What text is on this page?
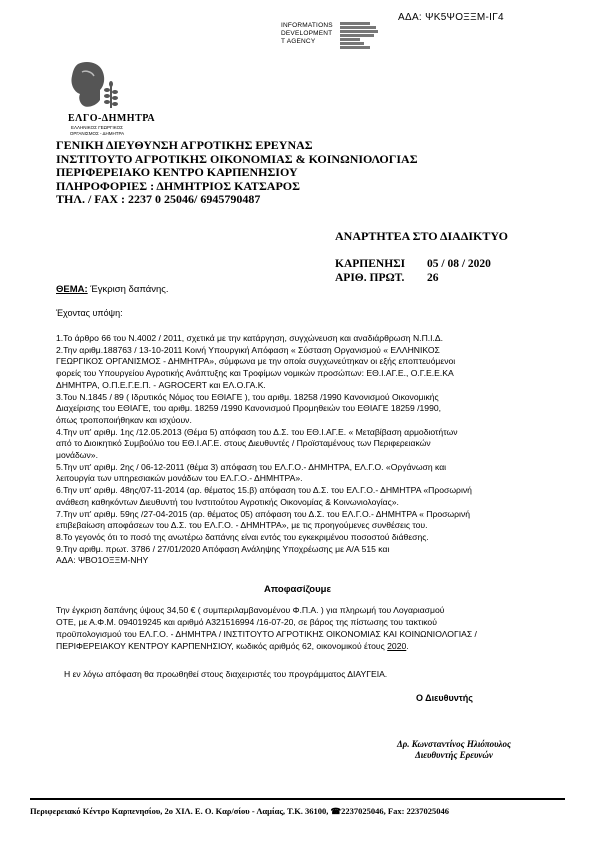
ΑΔΑ: ΨΚ5ΨΟΞΞΜ-ΙΓ4
INFORMATIONS
DEVELOPMENT
T AGENCY
ΕΛΓΟ-ΔΗΜΗΤΡΑ
ΕΛΛΗΝΙΚΟΣ ΓΕΩΡΓΙΚΟΣ
ΟΡΓΑΝΙΣΜΟΣ - ΔΗΜΗΤΡΑ
ΓΕΝΙΚΗ ΔΙΕΥΘΥΝΣΗ ΑΓΡΟΤΙΚΗΣ ΕΡΕΥΝΑΣ
ΙΝΣΤΙΤΟΥΤΟ ΑΓΡΟΤΙΚΗΣ ΟΙΚΟΝΟΜΙΑΣ & ΚΟΙΝΩΝΙΟΛΟΓΙΑΣ
ΠΕΡΙΦΕΡΕΙΑΚΟ ΚΕΝΤΡΟ ΚΑΡΠΕΝΗΣΙΟΥ
ΠΛΗΡΟΦΟΡΙΕΣ : ΔΗΜΗΤΡΙΟΣ ΚΑΤΣΑΡΟΣ
ΤΗΛ. / FAX : 2237 0 25046/ 6945790487
ΑΝΑΡΤΗΤΕΑ ΣΤΟ ΔΙΑΔΙΚΤΥΟ
ΚΑΡΠΕΝΗΣΙ 05 / 08 / 2020
ΑΡΙΘ. ΠΡΩΤ. 26
ΘΕΜΑ: Έγκριση δαπάνης.
Έχοντας υπόψη:
1.Το άρθρο 66 του Ν.4002 / 2011, σχετικά με την κατάργηση, συγχώνευση και αναδιάρθρωση Ν.Π.Ι.Δ.
2.Την αριθμ.188763 / 13-10-2011 Κοινή Υπουργική Απόφαση « Σύσταση Οργανισμού « ΕΛΛΗΝΙΚΟΣ
ΓΕΩΡΓΙΚΟΣ ΟΡΓΑΝΙΣΜΟΣ - ΔΗΜΗΤΡΑ», σύμφωνα με την οποία συγχωνεύτηκαν οι εξής εποπτευόμενοι
φορείς του Υπουργείου Αγροτικής Ανάπτυξης και Τροφίμων νομικών προσώπων: ΕΘ.Ι.ΑΓ.Ε., Ο.Γ.Ε.Ε.ΚΑ
ΔΗΜΗΤΡΑ, Ο.Π.Ε.Γ.Ε.Π. - AGROCERT και ΕΛ.Ο.ΓΑ.Κ.
3.Του Ν.1845 / 89 ( Ιδρυτικός Νόμος του ΕΘΙΑΓΕ ), του αριθμ. 18258 /1990 Κανονισμού Οικονομικής
Διαχείρισης του ΕΘΙΑΓΕ, του αριθμ. 18259 /1990 Κανονισμού Προμηθειών του ΕΘΙΑΓΕ 18259 /1990,
όπως τροποποιήθηκαν και ισχύουν.
4.Την υπ' αριθμ. 1ης /12.05.2013 (Θέμα 5) απόφαση του Δ.Σ. του ΕΘ.Ι.ΑΓ.Ε. « Μεταβίβαση αρμοδιοτήτων
από το Διοικητικό Συμβούλιο του ΕΘ.Ι.ΑΓ.Ε. στους Διευθυντές / Προϊσταμένους των Περιφερειακών
μονάδων».
5.Την υπ' αριθμ. 2ης / 06-12-2011 (θέμα 3) απόφαση του ΕΛ.Γ.Ο.- ΔΗΜΗΤΡΑ, ΕΛ.Γ.Ο. «Οργάνωση και
λειτουργία των υπηρεσιακών μονάδων του ΕΛ.Γ.Ο.- ΔΗΜΗΤΡΑ».
6.Την υπ' αριθμ. 48ης/07-11-2014 (αρ. θέματος 15.β) απόφαση του Δ.Σ. του ΕΛ.Γ.Ο.- ΔΗΜΗΤΡΑ «Προσωρινή
ανάθεση καθηκόντων Διευθυντή του Ινστιτούτου Αγροτικής Οικονομίας & Κοινωνιολογίας».
7.Την υπ' αριθμ. 59ης /27-04-2015 (αρ. θέματος 05) απόφαση του Δ.Σ. του ΕΛ.Γ.Ο.- ΔΗΜΗΤΡΑ « Προσωρινή
επιβεβαίωση αποφάσεων του Δ.Σ. του ΕΛ.Γ.Ο. - ΔΗΜΗΤΡΑ», με τις προηγούμενες συνθέσεις του.
8.Το γεγονός ότι το ποσό της ανωτέρω δαπάνης είναι εντός του εγκεκριμένου ποσοστού διάθεσης.
9.Την αριθμ. πρωτ. 3786 / 27/01/2020 Απόφαση Ανάληψης Υποχρέωσης με Α/Α 515 και
ΑΔΑ: ΨΒΟ1ΟΞΞΜ-ΝΗΥ
Αποφασίζουμε
Την έγκριση δαπάνης ύψους 34,50 € ( συμπεριλαμβανομένου Φ.Π.Α. ) για πληρωμή του Λογαριασμού
ΟΤΕ, με Α.Φ.Μ. 094019245 και αριθμό Α321516994 /16-07-20, σε βάρος της πίστωσης του τακτικού
προϋπολογισμού του ΕΛ.Γ.Ο. - ΔΗΜΗΤΡΑ / ΙΝΣΤΙΤΟΥΤΟ ΑΓΡΟΤΙΚΗΣ ΟΙΚΟΝΟΜΙΑΣ ΚΑΙ ΚΟΙΝΩΝΙΟΛΟΓΙΑΣ /
ΠΕΡΙΦΕΡΕΙΑΚΟΥ ΚΕΝΤΡΟΥ ΚΑΡΠΕΝΗΣΙΟΥ, κωδικός αριθμός 62, οικονομικού έτους 2020.
Η εν λόγω απόφαση θα προωθηθεί στους διαχειριστές του προγράμματος ΔΙΑΥΓΕΙΑ.
Ο Διευθυντής
Δρ. Κωνσταντίνος Ηλιόπουλος
Διευθυντής Ερευνών
Περιφερειακό Κέντρο Καρπενησίου, 2ο ΧΙΛ. Ε. Ο. Καρ/σίου - Λαμίας, Τ.Κ. 36100, ☎2237025046, Fax: 2237025046
